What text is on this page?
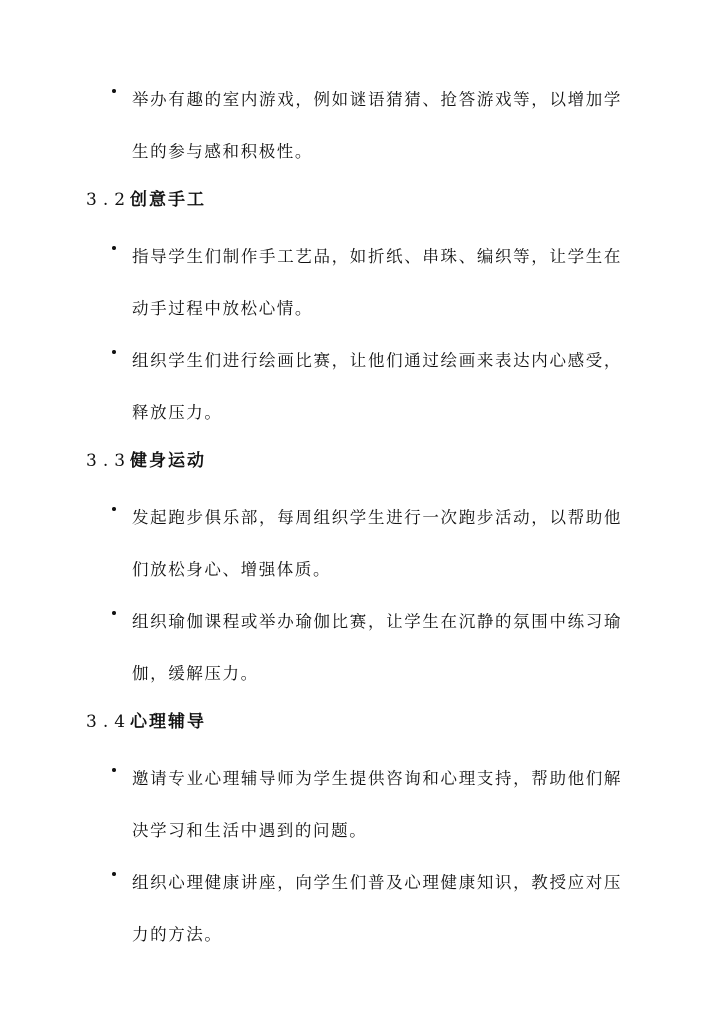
举办有趣的室内游戏，例如谜语猜猜、抢答游戏等，以增加学生的参与感和积极性。
3.2创意手工
指导学生们制作手工艺品，如折纸、串珠、编织等，让学生在动手过程中放松心情。
组织学生们进行绘画比赛，让他们通过绘画来表达内心感受，释放压力。
3.3健身运动
发起跑步俱乐部，每周组织学生进行一次跑步活动，以帮助他们放松身心、增强体质。
组织瑜伽课程或举办瑜伽比赛，让学生在沉静的氛围中练习瑜伽，缓解压力。
3.4心理辅导
邀请专业心理辅导师为学生提供咨询和心理支持，帮助他们解决学习和生活中遇到的问题。
组织心理健康讲座，向学生们普及心理健康知识，教授应对压力的方法。
